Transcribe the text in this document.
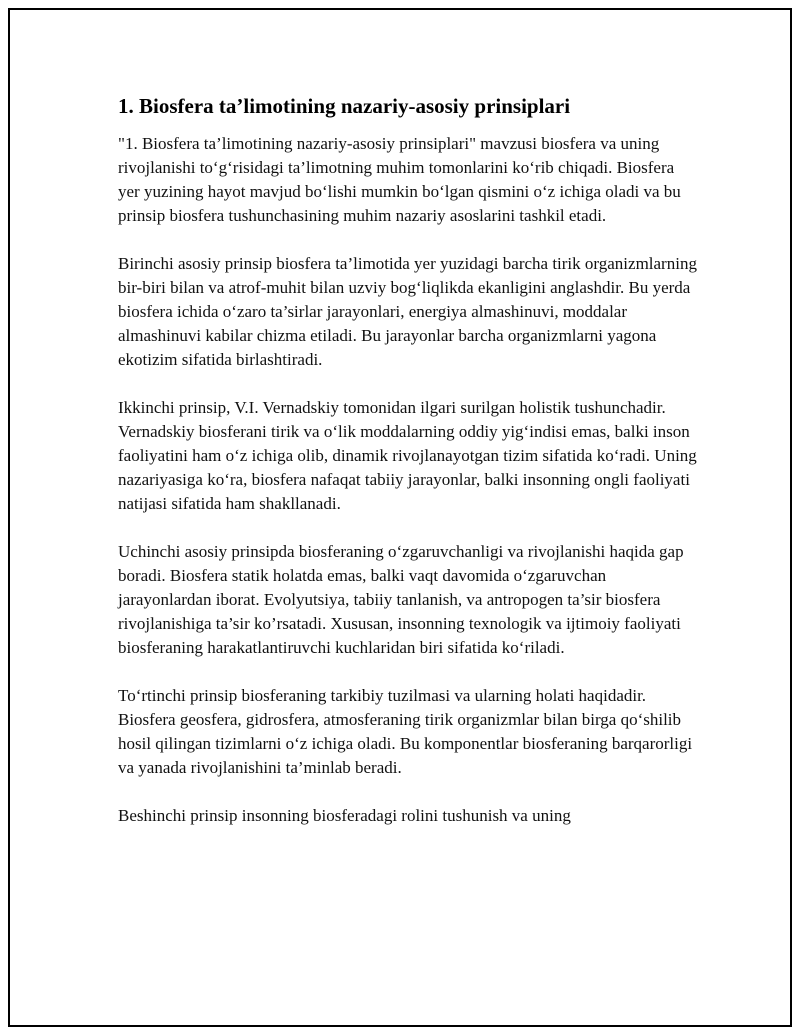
1. Biosfera ta’limotining nazariy-asosiy prinsiplari

"1. Biosfera ta’limotining nazariy-asosiy prinsiplari" mavzusi biosfera va uning rivojlanishi to‘g‘risidagi ta’limotning muhim tomonlarini ko‘rib chiqadi. Biosfera yer yuzining hayot mavjud bo‘lishi mumkin bo‘lgan qismini o‘z ichiga oladi va bu prinsip biosfera tushunchasining muhim nazariy asoslarini tashkil etadi.

Birinchi asosiy prinsip biosfera ta’limotida yer yuzidagi barcha tirik organizmlarning bir-biri bilan va atrof-muhit bilan uzviy bog‘liqlikda ekanligini anglashdir. Bu yerda biosfera ichida o‘zaro ta’sirlar jarayonlari, energiya almashinuvi, moddalar almashinuvi kabilar chizma etiladi. Bu jarayonlar barcha organizmlarni yagona ekotizim sifatida birlashtiradi.

Ikkinchi prinsip, V.I. Vernadskiy tomonidan ilgari surilgan holistik tushunchadir. Vernadskiy biosferani tirik va o‘lik moddalarning oddiy yig‘indisi emas, balki inson faoliyatini ham o‘z ichiga olib, dinamik rivojlanayotgan tizim sifatida ko‘radi. Uning nazariyasiga ko‘ra, biosfera nafaqat tabiiy jarayonlar, balki insonning ongli faoliyati natijasi sifatida ham shakllanadi.

Uchinchi asosiy prinsipda biosferaning o‘zgaruvchanligi va rivojlanishi haqida gap boradi. Biosfera statik holatda emas, balki vaqt davomida o‘zgaruvchan jarayonlardan iborat. Evolyutsiya, tabiiy tanlanish, va antropogen ta’sir biosfera rivojlanishiga ta’sir ko’rsatadi. Xususan, insonning texnologik va ijtimoiy faoliyati biosferaning harakatlantiruvchi kuchlaridan biri sifatida ko‘riladi.

To‘rtinchi prinsip biosferaning tarkibiy tuzilmasi va ularning holati haqidadir. Biosfera geosfera, gidrosfera, atmosferaning tirik organizmlar bilan birga qo‘shilib hosil qilingan tizimlarni o‘z ichiga oladi. Bu komponentlar biosferaning barqarorligi va yanada rivojlanishini ta’minlab beradi.

Beshinchi prinsip insonning biosferadagi rolini tushunish va uning
